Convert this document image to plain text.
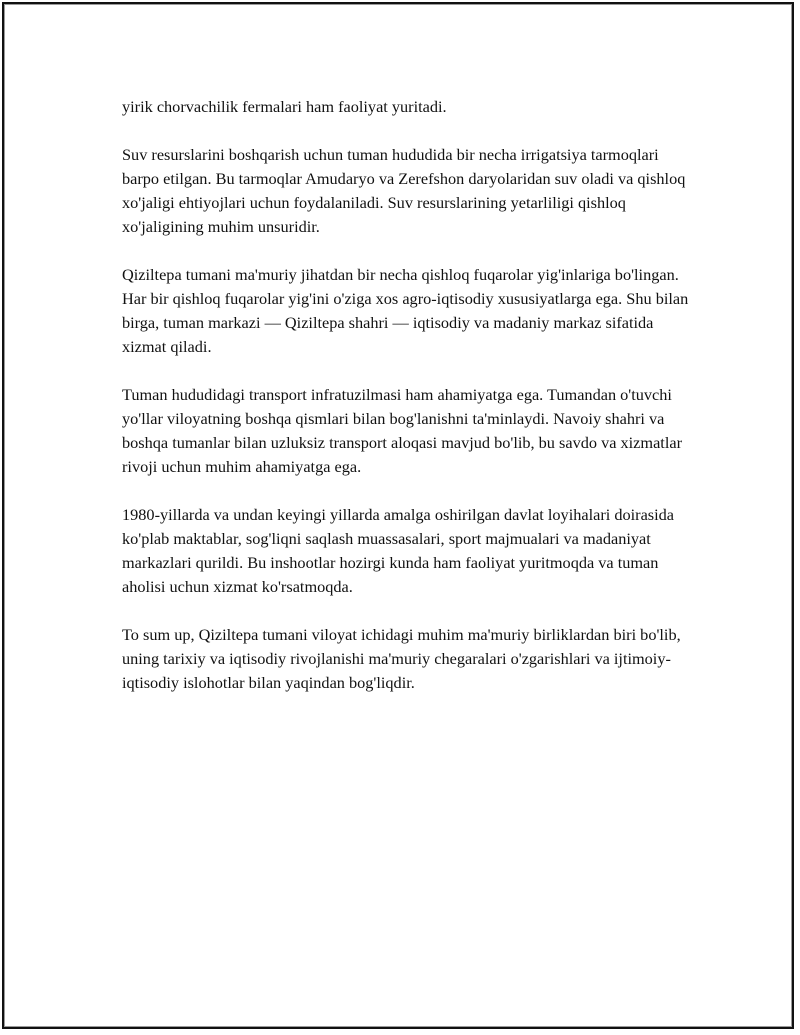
yirik chorvachilik fermalari ham faoliyat yuritadi.

Suv resurslarini boshqarish uchun tuman hududida bir necha irrigatsiya tarmoqlari barpo etilgan. Bu tarmoqlar Amudaryo va Zerefshon daryolaridan suv oladi va qishloq xo'jaligi ehtiyojlari uchun foydalaniladi. Suv resurslarining yetarliligi qishloq xo'jaligining muhim unsuridir.

Qiziltepa tumani ma'muriy jihatdan bir necha qishloq fuqarolar yig'inlariga bo'lingan. Har bir qishloq fuqarolar yig'ini o'ziga xos agro-iqtisodiy xususiyatlarga ega. Shu bilan birga, tuman markazi — Qiziltepa shahri — iqtisodiy va madaniy markaz sifatida xizmat qiladi.

Tuman hududidagi transport infratuzilmasi ham ahamiyatga ega. Tumandan o'tuvchi yo'llar viloyatning boshqa qismlari bilan bog'lanishni ta'minlaydi. Navoiy shahri va boshqa tumanlar bilan uzluksiz transport aloqasi mavjud bo'lib, bu savdo va xizmatlar rivoji uchun muhim ahamiyatga ega.

1980-yillarda va undan keyingi yillarda amalga oshirilgan davlat loyihalari doirasida ko'plab maktablar, sog'liqni saqlash muassasalari, sport majmualari va madaniyat markazlari qurildi. Bu inshootlar hozirgi kunda ham faoliyat yuritmoqda va tuman aholisi uchun xizmat ko'rsatmoqda.

To sum up, Qiziltepa tumani viloyat ichidagi muhim ma'muriy birliklardan biri bo'lib, uning tarixiy va iqtisodiy rivojlanishi ma'muriy chegaralari o'zgarishlari va ijtimoiy-iqtisodiy islohotlar bilan yaqindan bog'liqdir.
